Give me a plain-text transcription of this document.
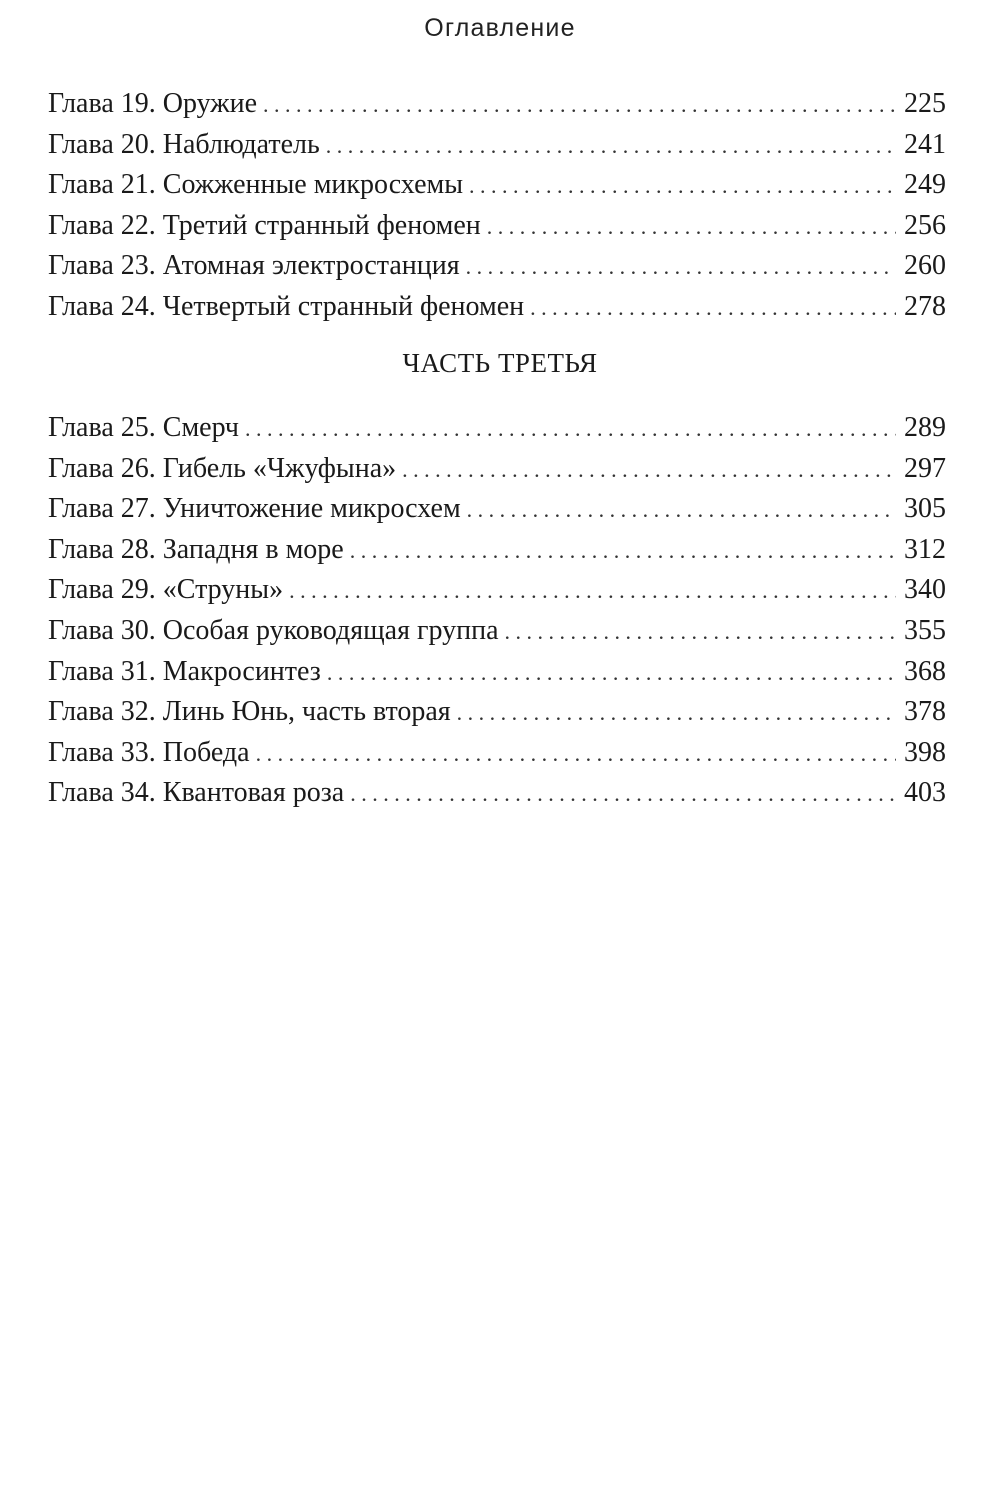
Оглавление
Глава 19. Оружие . . .	225
Глава 20. Наблюдатель . . .	241
Глава 21. Сожженные микросхемы . . .	249
Глава 22. Третий странный феномен . . .	256
Глава 23. Атомная электростанция . . .	260
Глава 24. Четвертый странный феномен . . .	278
ЧАСТЬ ТРЕТЬЯ
Глава 25. Смерч . . .	289
Глава 26. Гибель «Чжуфына» . . .	297
Глава 27. Уничтожение микросхем . . .	305
Глава 28. Западня в море . . .	312
Глава 29. «Струны» . . .	340
Глава 30. Особая руководящая группа . . .	355
Глава 31. Макросинтез . . .	368
Глава 32. Линь Юнь, часть вторая . . .	378
Глава 33. Победа . . .	398
Глава 34. Квантовая роза . . .	403
